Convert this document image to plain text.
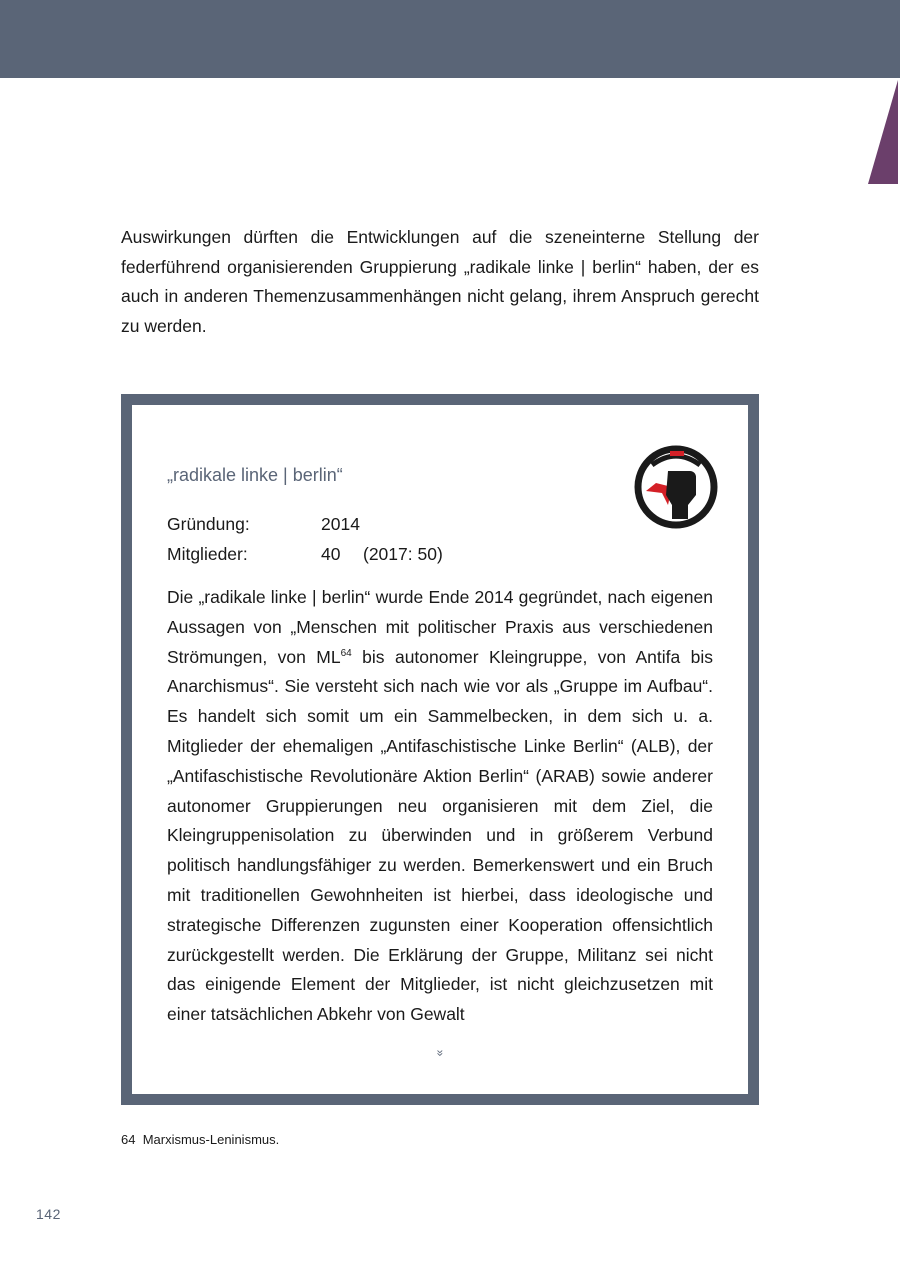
Auswirkungen dürften die Entwicklungen auf die szeneinterne Stellung der federführend organisierenden Gruppierung „radikale linke | berlin“ haben, der es auch in anderen Themenzusammenhängen nicht gelang, ihrem Anspruch gerecht zu werden.
„radikale linke | berlin“
Gründung:	2014
Mitglieder:	40	(2017: 50)
Die „radikale linke | berlin“ wurde Ende 2014 gegründet, nach eigenen Aussagen von „Menschen mit politischer Praxis aus verschiedenen Strömungen, von ML$^{64}$ bis autonomer Kleingruppe, von Antifa bis Anarchismus“. Sie versteht sich nach wie vor als „Gruppe im Aufbau“. Es handelt sich somit um ein Sammelbecken, in dem sich u. a. Mitglieder der ehemaligen „Antifaschistische Linke Berlin“ (ALB), der „Antifaschistische Revolutionäre Aktion Berlin“ (ARAB) sowie anderer autonomer Gruppierungen neu organisieren mit dem Ziel, die Kleingruppenisolation zu überwinden und in größerem Verbund politisch handlungsfähiger zu werden. Bemerkenswert und ein Bruch mit traditionellen Gewohnheiten ist hierbei, dass ideologische und strategische Differenzen zugunsten einer Kooperation offensichtlich zurückgestellt werden. Die Erklärung der Gruppe, Militanz sei nicht das einigende Element der Mitglieder, ist nicht gleichzusetzen mit einer tatsächlichen Abkehr von Gewalt
»
64 Marxismus-Leninismus.
142
